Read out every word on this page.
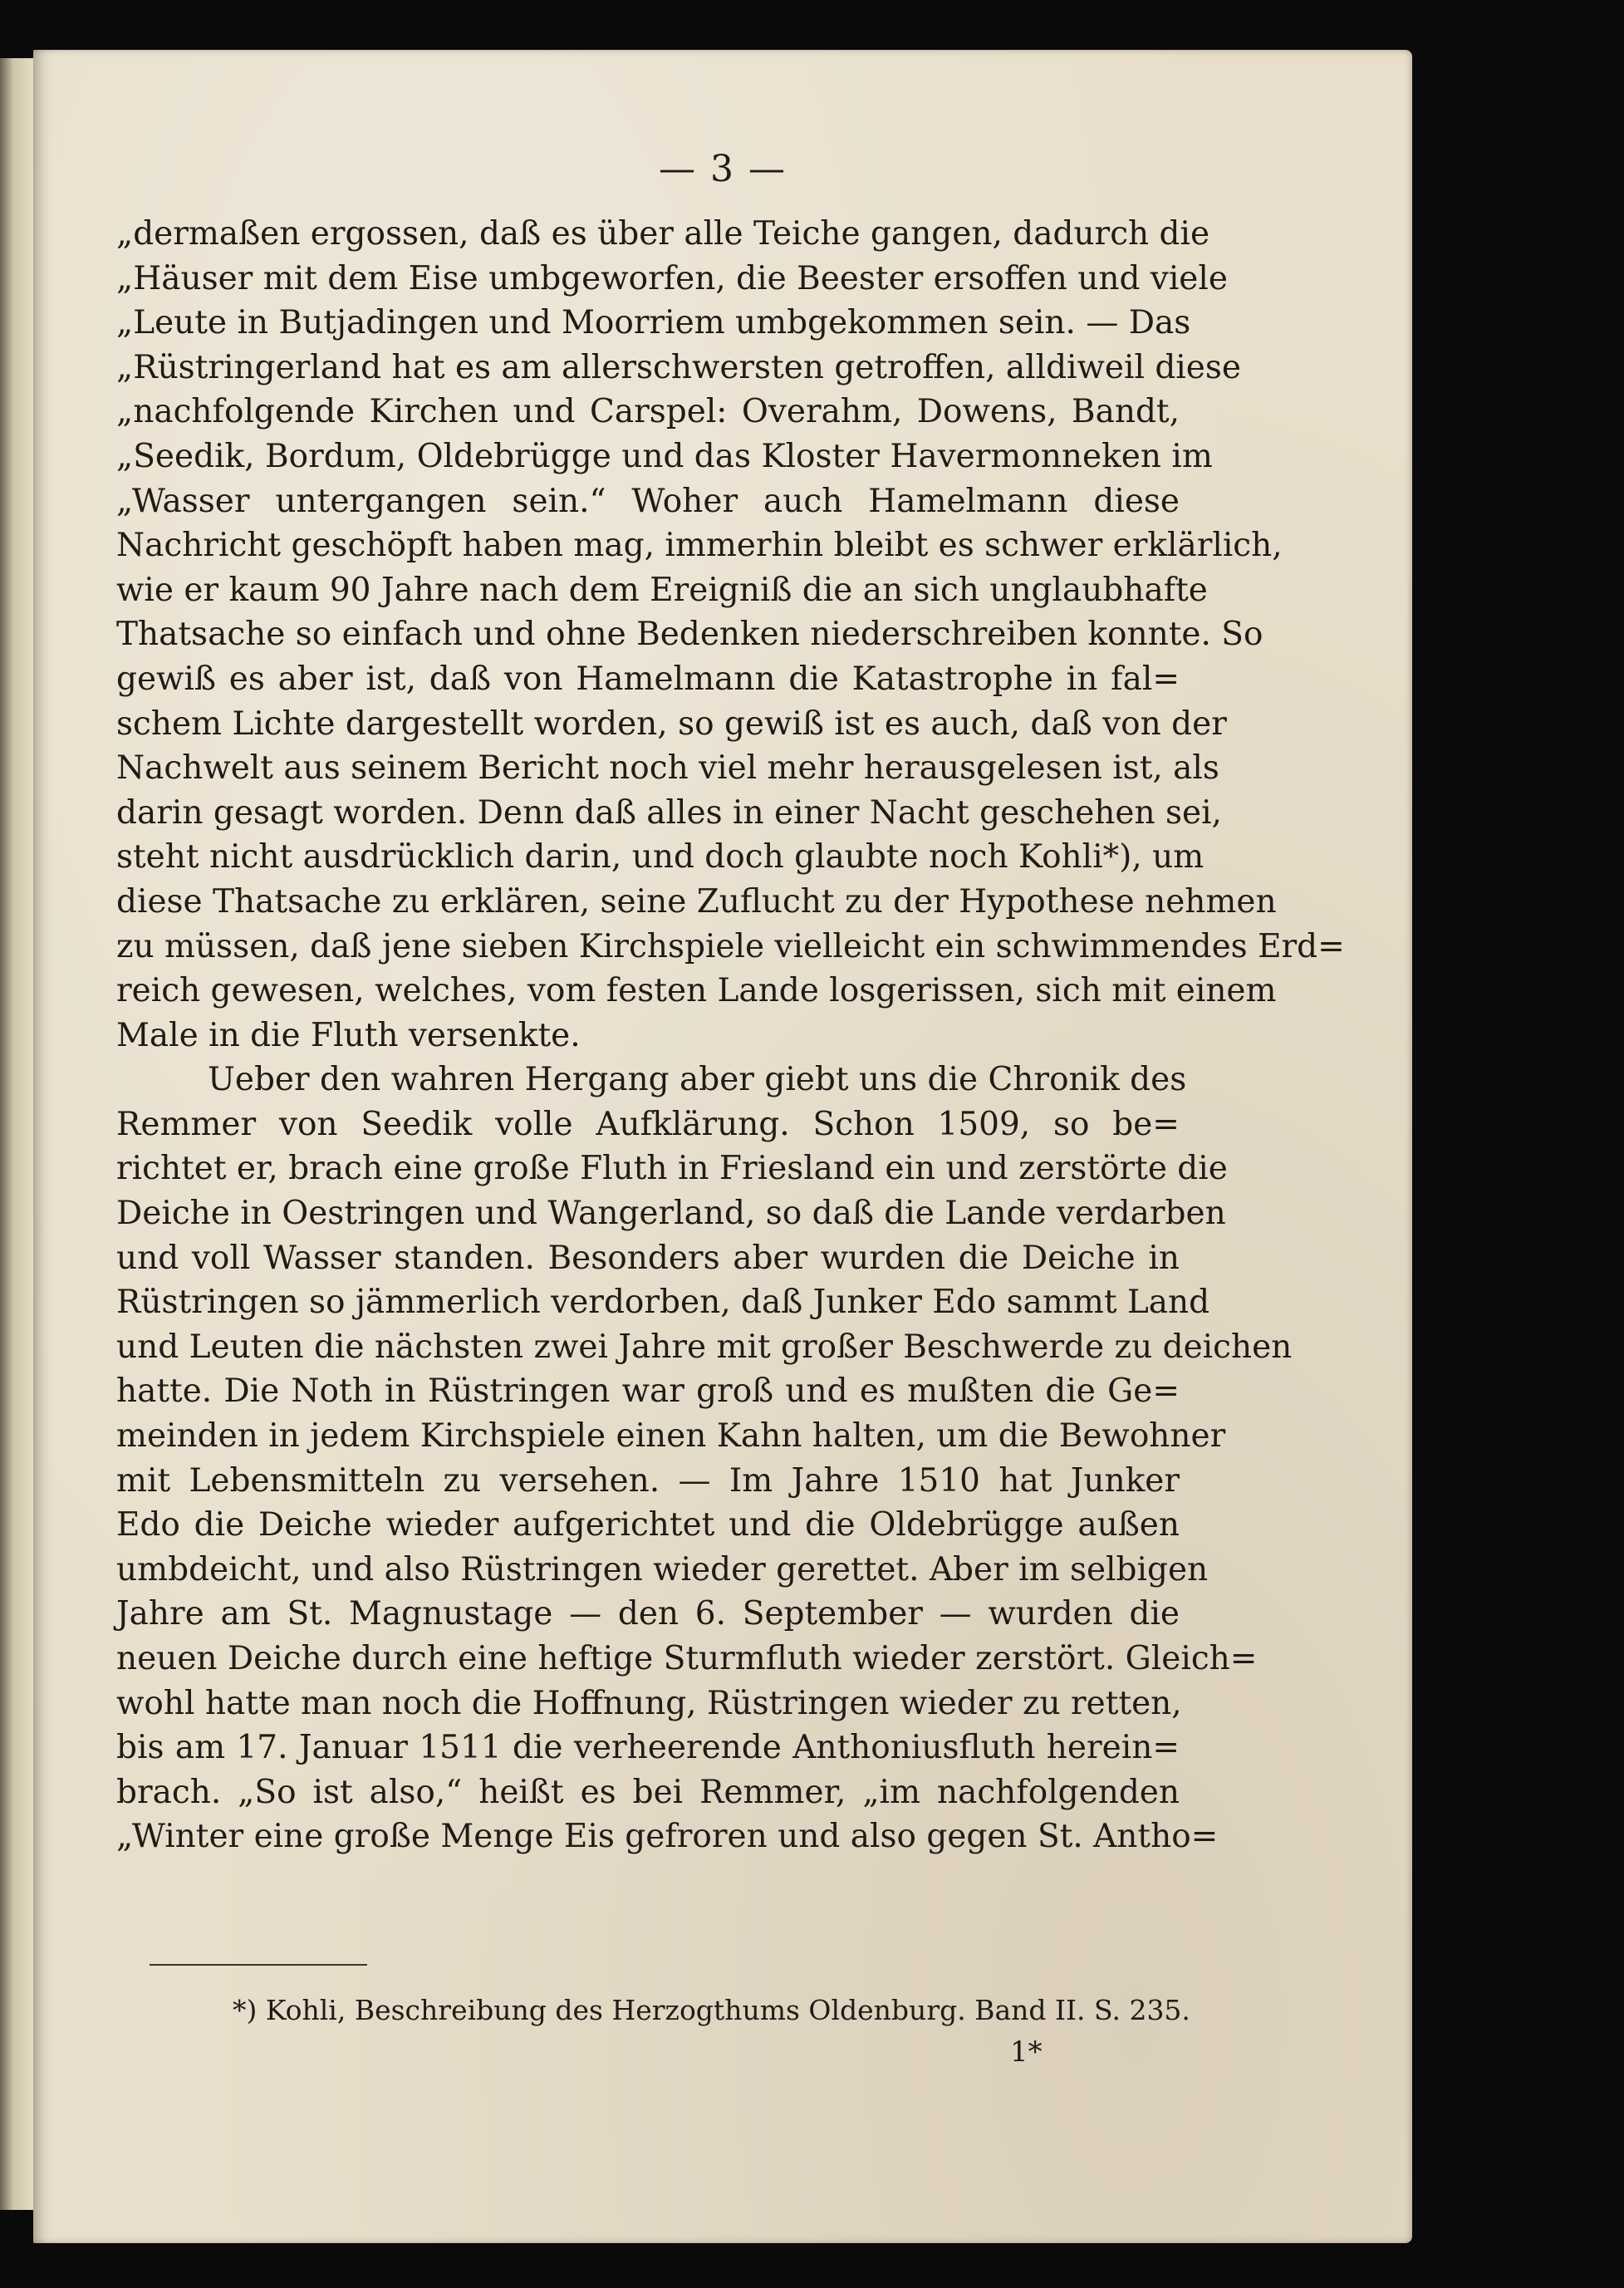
— 3 —
„dermaßen ergossen, daß es über alle Teiche gangen, dadurch die
„Häuser mit dem Eise umbgeworfen, die Beester ersoffen und viele
„Leute in Butjadingen und Moorriem umbgekommen sein. — Das
„Rüstringerland hat es am allerschwersten getroffen, alldiweil diese
„nachfolgende Kirchen und Carspel: Overahm, Dowens, Bandt,
„Seedik, Bordum, Oldebrügge und das Kloster Havermonneken im
„Wasser untergangen sein.“ Woher auch Hamelmann diese
Nachricht geschöpft haben mag, immerhin bleibt es schwer erklärlich,
wie er kaum 90 Jahre nach dem Ereigniß die an sich unglaubhafte
Thatsache so einfach und ohne Bedenken niederschreiben konnte. So
gewiß es aber ist, daß von Hamelmann die Katastrophe in fal=
schem Lichte dargestellt worden, so gewiß ist es auch, daß von der
Nachwelt aus seinem Bericht noch viel mehr herausgelesen ist, als
darin gesagt worden. Denn daß alles in einer Nacht geschehen sei,
steht nicht ausdrücklich darin, und doch glaubte noch Kohli*), um
diese Thatsache zu erklären, seine Zuflucht zu der Hypothese nehmen
zu müssen, daß jene sieben Kirchspiele vielleicht ein schwimmendes Erd=
reich gewesen, welches, vom festen Lande losgerissen, sich mit einem
Male in die Fluth versenkte.
Ueber den wahren Hergang aber giebt uns die Chronik des
Remmer von Seedik volle Aufklärung. Schon 1509, so be=
richtet er, brach eine große Fluth in Friesland ein und zerstörte die
Deiche in Oestringen und Wangerland, so daß die Lande verdarben
und voll Wasser standen. Besonders aber wurden die Deiche in
Rüstringen so jämmerlich verdorben, daß Junker Edo sammt Land
und Leuten die nächsten zwei Jahre mit großer Beschwerde zu deichen
hatte. Die Noth in Rüstringen war groß und es mußten die Ge=
meinden in jedem Kirchspiele einen Kahn halten, um die Bewohner
mit Lebensmitteln zu versehen. — Im Jahre 1510 hat Junker
Edo die Deiche wieder aufgerichtet und die Oldebrügge außen
umbdeicht, und also Rüstringen wieder gerettet. Aber im selbigen
Jahre am St. Magnustage — den 6. September — wurden die
neuen Deiche durch eine heftige Sturmfluth wieder zerstört. Gleich=
wohl hatte man noch die Hoffnung, Rüstringen wieder zu retten,
bis am 17. Januar 1511 die verheerende Anthoniusfluth herein=
brach. „So ist also,“ heißt es bei Remmer, „im nachfolgenden
„Winter eine große Menge Eis gefroren und also gegen St. Antho=
*) Kohli, Beschreibung des Herzogthums Oldenburg. Band II. S. 235.
1*
